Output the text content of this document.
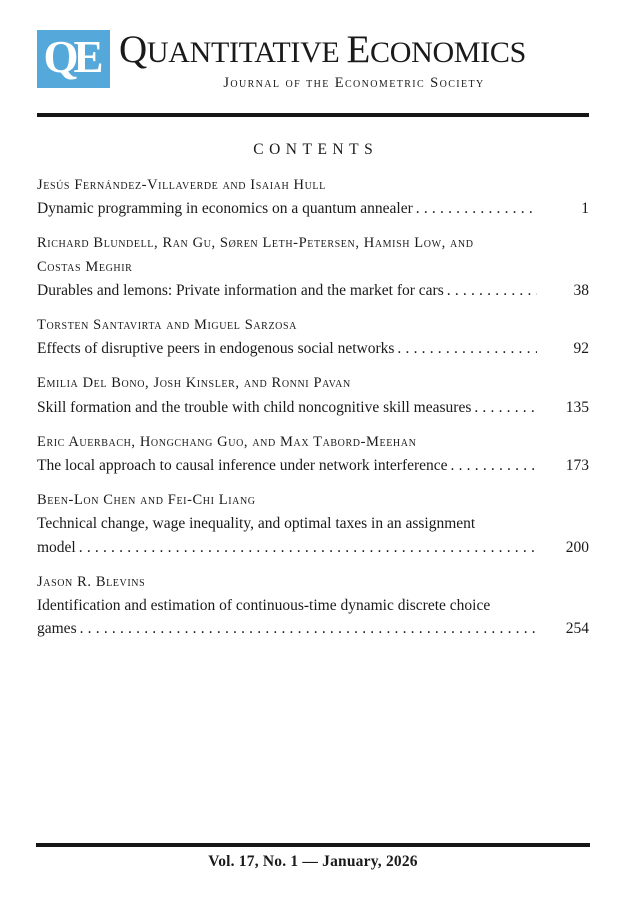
QE QUANTITATIVE ECONOMICS
Journal of the Econometric Society
CONTENTS
Jesús Fernández-Villaverde and Isaiah Hull
Dynamic programming in economics on a quantum annealer .....	1
Richard Blundell, Ran Gu, Søren Leth-Petersen, Hamish Low, and
Costas Meghir
Durables and lemons: Private information and the market for cars .....	38
Torsten Santavirta and Miguel Sarzosa
Effects of disruptive peers in endogenous social networks .....	92
Emilia Del Bono, Josh Kinsler, and Ronni Pavan
Skill formation and the trouble with child noncognitive skill measures .....	135
Eric Auerbach, Hongchang Guo, and Max Tabord-Meehan
The local approach to causal inference under network interference .....	173
Been-Lon Chen and Fei-Chi Liang
Technical change, wage inequality, and optimal taxes in an assignment
model .....	200
Jason R. Blevins
Identification and estimation of continuous-time dynamic discrete choice
games .....	254
Vol. 17, No. 1 — January, 2026
